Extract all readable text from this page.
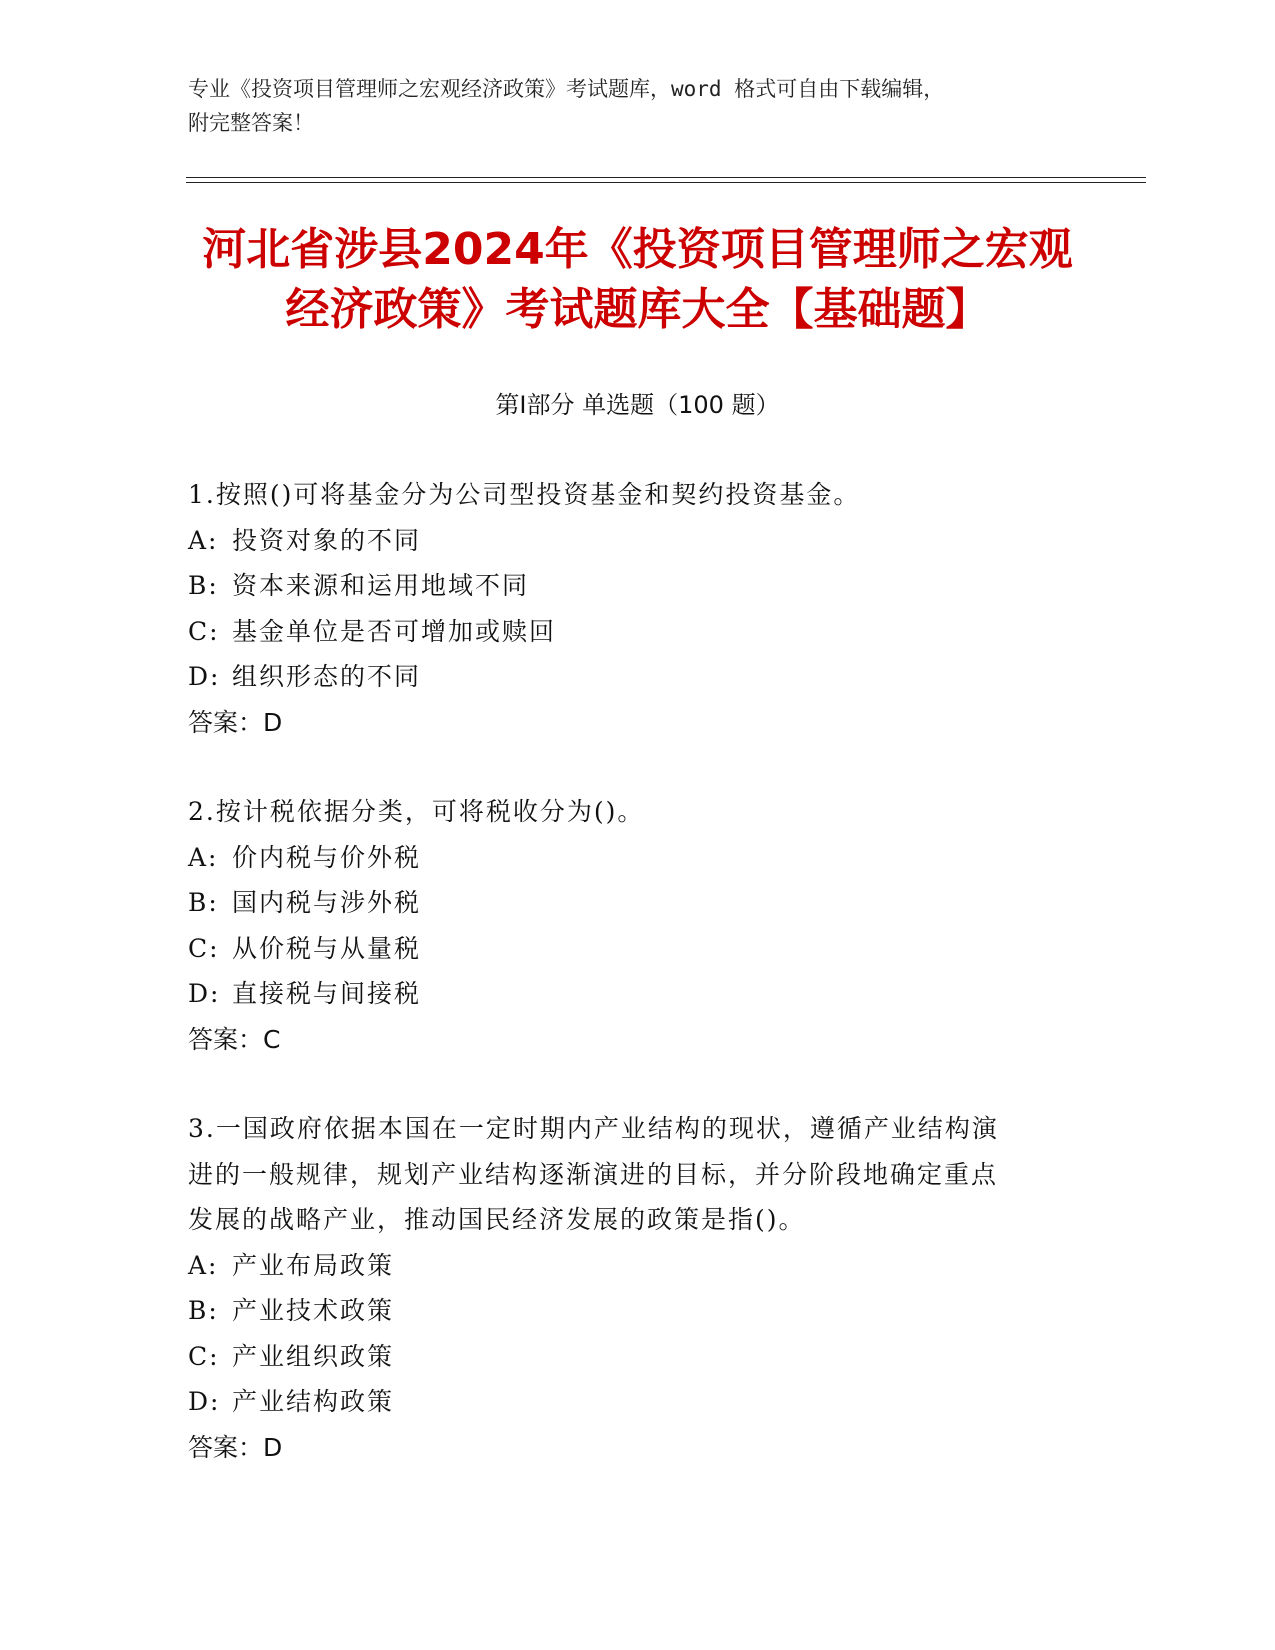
专业《投资项目管理师之宏观经济政策》考试题库，word 格式可自由下载编辑，
附完整答案！
河北省涉县2024年《投资项目管理师之宏观
经济政策》考试题库大全【基础题】
第Ⅰ部分 单选题（100 题）

1.按照()可将基金分为公司型投资基金和契约投资基金。

A: 投资对象的不同
B: 资本来源和运用地域不同
C: 基金单位是否可增加或赎回
D: 组织形态的不同

答案：D

2.按计税依据分类，可将税收分为()。

A: 价内税与价外税
B: 国内税与涉外税
C: 从价税与从量税
D: 直接税与间接税

答案：C

3.一国政府依据本国在一定时期内产业结构的现状，遵循产业结构演

进的一般规律，规划产业结构逐渐演进的目标，并分阶段地确定重点

发展的战略产业，推动国民经济发展的政策是指()。

A: 产业布局政策
B: 产业技术政策
C: 产业组织政策
D: 产业结构政策

答案：D
